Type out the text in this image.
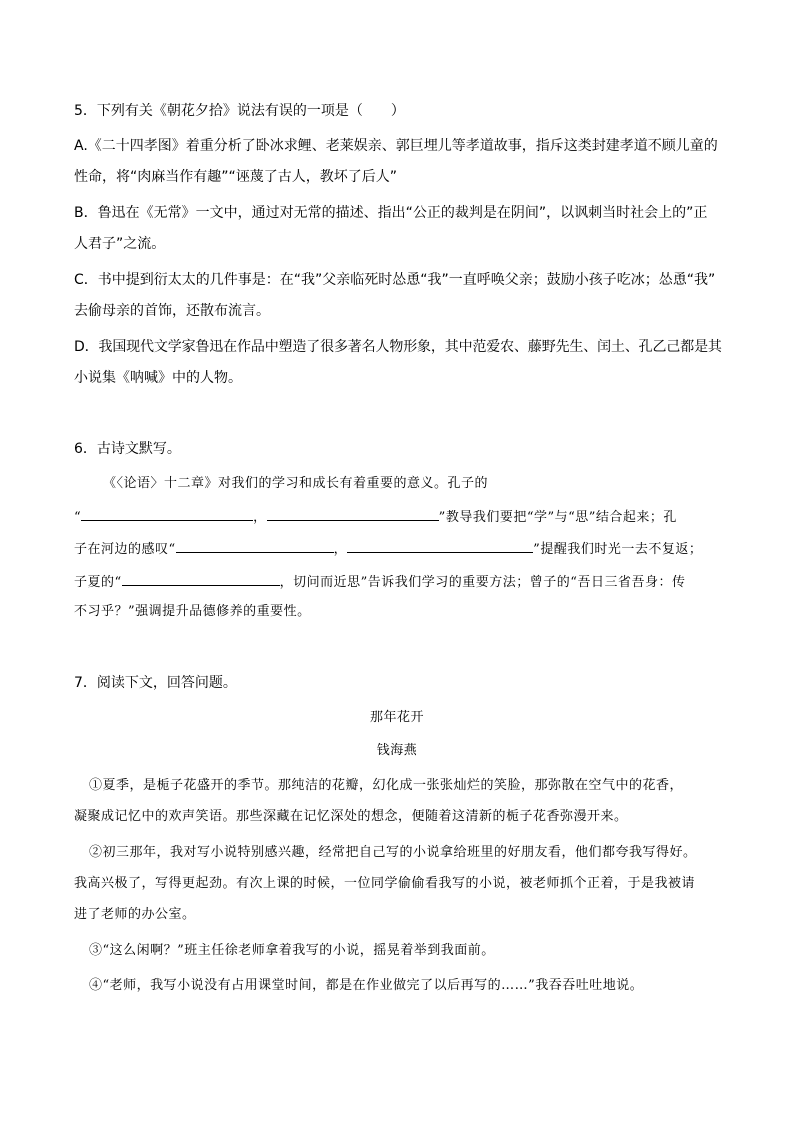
5．下列有关《朝花夕拾》说法有误的一项是（　　）
A.《二十四孝图》着重分析了卧冰求鲤、老莱娱亲、郭巨埋儿等孝道故事，指斥这类封建孝道不顾儿童的
性命，将“肉麻当作有趣”“诬蔑了古人，教坏了后人”
B．鲁迅在《无常》一文中，通过对无常的描述、指出“公正的裁判是在阴间”，以讽刺当时社会上的”正
人君子”之流。
C．书中提到衍太太的几件事是：在“我”父亲临死时怂恿“我”一直呼唤父亲；鼓励小孩子吃冰；怂恿“我”
去偷母亲的首饰，还散布流言。
D．我国现代文学家鲁迅在作品中塑造了很多著名人物形象，其中范爱农、藤野先生、闰土、孔乙己都是其
小说集《呐喊》中的人物。
6．古诗文默写。
《〈论语〉十二章》对我们的学习和成长有着重要的意义。孔子的
“	，	”教导我们要把“学”与“思”结合起来；孔
子在河边的感叹“	，	”提醒我们时光一去不复返；
子夏的“	，切问而近思”告诉我们学习的重要方法；曾子的“吾日三省吾身：传
不习乎？”强调提升品德修养的重要性。
7．阅读下文，回答问题。
那年花开
钱海燕
①夏季，是栀子花盛开的季节。那纯洁的花瓣，幻化成一张张灿烂的笑脸，那弥散在空气中的花香，
凝聚成记忆中的欢声笑语。那些深藏在记忆深处的想念，便随着这清新的栀子花香弥漫开来。
②初三那年，我对写小说特别感兴趣，经常把自己写的小说拿给班里的好朋友看，他们都夸我写得好。
我高兴极了，写得更起劲。有次上课的时候，一位同学偷偷看我写的小说，被老师抓个正着，于是我被请
进了老师的办公室。
③“这么闲啊？”班主任徐老师拿着我写的小说，摇晃着举到我面前。
④“老师，我写小说没有占用课堂时间，都是在作业做完了以后再写的……”我吞吞吐吐地说。
